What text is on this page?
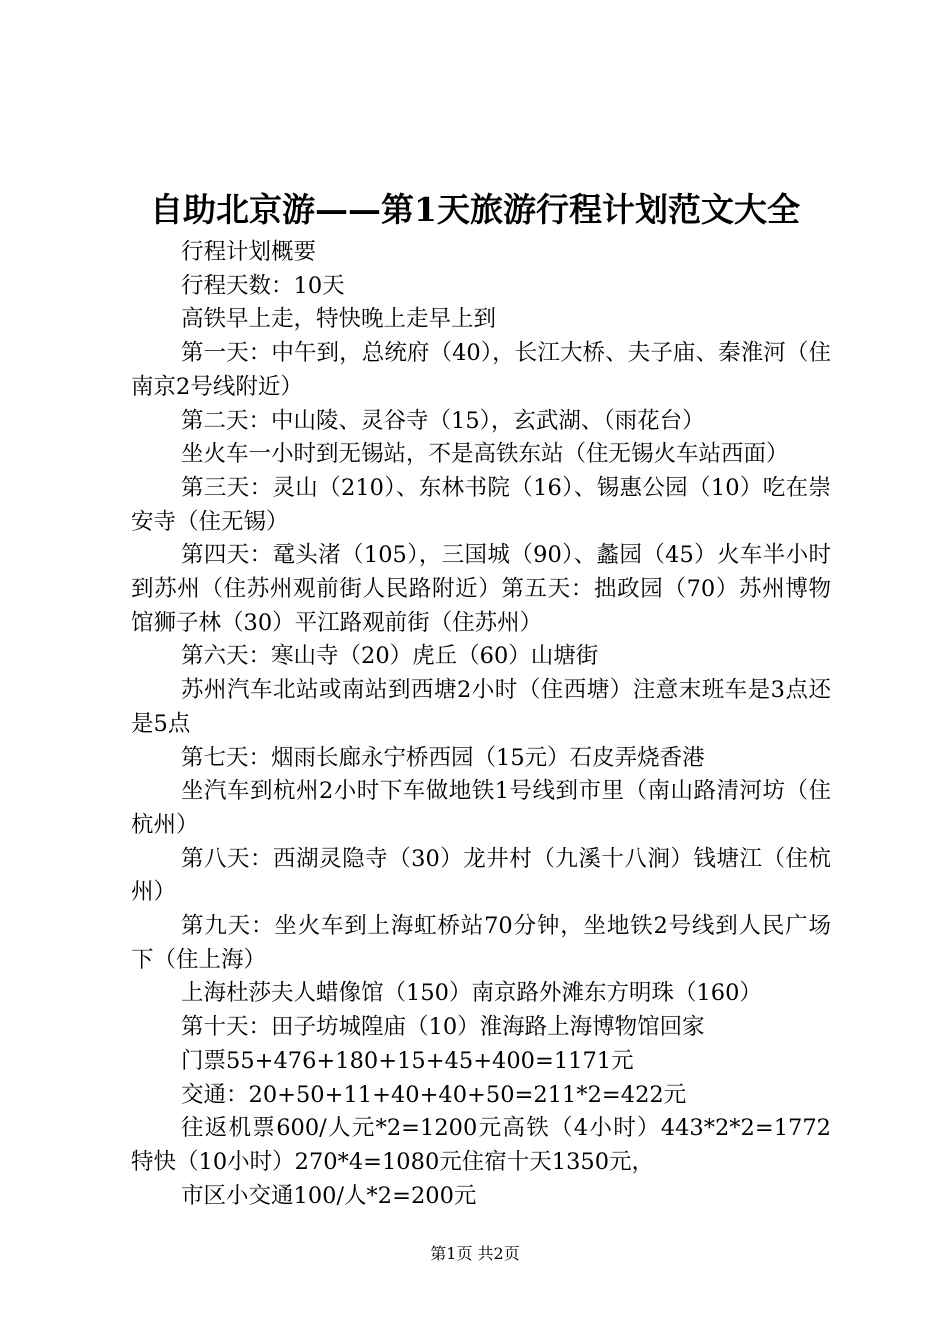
自助北京游——第1天旅游行程计划范文大全

行程计划概要

行程天数：10天

高铁早上走，特快晚上走早上到

第一天：中午到，总统府（40），长江大桥、夫子庙、秦淮河（住南京2号线附近）

第二天：中山陵、灵谷寺（15），玄武湖、（雨花台）

坐火车一小时到无锡站，不是高铁东站（住无锡火车站西面）

第三天：灵山（210）、东林书院（16）、锡惠公园（10）吃在崇安寺（住无锡）

第四天：鼋头渚（105），三国城（90）、蠡园（45）火车半小时到苏州（住苏州观前街人民路附近）第五天：拙政园（70）苏州博物馆狮子林（30）平江路观前街（住苏州）

第六天：寒山寺（20）虎丘（60）山塘街

苏州汽车北站或南站到西塘2小时（住西塘）注意末班车是3点还是5点

第七天：烟雨长廊永宁桥西园（15元）石皮弄烧香港

坐汽车到杭州2小时下车做地铁1号线到市里（南山路清河坊（住杭州）

第八天：西湖灵隐寺（30）龙井村（九溪十八涧）钱塘江（住杭州）

第九天：坐火车到上海虹桥站70分钟，坐地铁2号线到人民广场下（住上海）

上海杜莎夫人蜡像馆（150）南京路外滩东方明珠（160）

第十天：田子坊城隍庙（10）淮海路上海博物馆回家

门票55+476+180+15+45+400=1171元

交通：20+50+11+40+40+50=211*2=422元

往返机票600/人元*2=1200元高铁（4小时）443*2*2=1772特快（10小时）270*4=1080元住宿十天1350元，

市区小交通100/人*2=200元

第1页 共2页
